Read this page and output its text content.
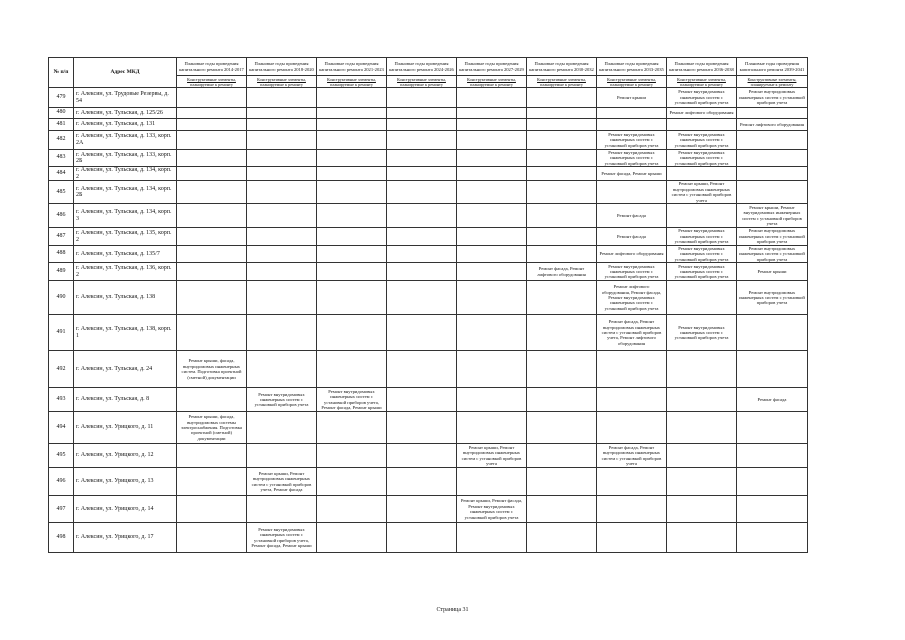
№ п/п	Адрес МКД	Плановые годы проведения капитального ремонта 2014-2017	Плановые годы проведения капитального ремонта 2018-2020	Плановые годы проведения капитального ремонта 2021-2023	Плановые годы проведения капитального ремонта 2024-2026	Плановые годы проведения капитального ремонта 2027-2029	Плановые годы проведения капитального ремонта 2030-2032	Плановые годы проведения капитального ремонта 2033-2035	Плановые годы проведения капитального ремонта 2036-2038	Плановые годы проведения капитального ремонта 2039-2041
		Конструктивные элементы, планируемые к ремонту	Конструктивные элементы, планируемые к ремонту	Конструктивные элементы, планируемые к ремонту	Конструктивные элементы, планируемые к ремонту	Конструктивные элементы, планируемые к ремонту	Конструктивные элементы, планируемые к ремонту	Конструктивные элементы, планируемые к ремонту	Конструктивные элементы, планируемые к ремонту	Конструктивные элементы, планируемые к ремонту
479	г. Алексин, ул. Трудовые Резервы, д. 54							Ремонт крыши	Ремонт внутридомовых инженерных систем с установкой приборов учета	Ремонт внутридомовых инженерных систем с установкой приборов учета
480	г. Алексин, ул. Тульская, д. 125/26								Ремонт лифтового оборудования	
481	г. Алексин, ул. Тульская, д. 131									Ремонт лифтового оборудования
482	г. Алексин, ул. Тульская, д. 133, корп. 2А							Ремонт внутридомовых инженерных систем с установкой приборов учета	Ремонт внутридомовых инженерных систем с установкой приборов учета	
483	г. Алексин, ул. Тульская, д. 133, корп. 2Б							Ремонт внутридомовых инженерных систем с установкой приборов учета	Ремонт внутридомовых инженерных систем с установкой приборов учета	
484	г. Алексин, ул. Тульская, д. 134, корп. 2							Ремонт фасада, Ремонт крыши		
485	г. Алексин, ул. Тульская, д. 134, корп. 2Б								Ремонт крыши, Ремонт внутридомовых инженерных систем с установкой приборов учета	
486	г. Алексин, ул. Тульская, д. 134, корп. 3							Ремонт фасада		Ремонт крыши, Ремонт внутридомовых инженерных систем с установкой приборов учета
487	г. Алексин, ул. Тульская, д. 135, корп. 2							Ремонт фасада	Ремонт внутридомовых инженерных систем с установкой приборов учета	Ремонт внутридомовых инженерных систем с установкой приборов учета
488	г. Алексин, ул. Тульская, д. 135/7							Ремонт лифтового оборудования	Ремонт внутридомовых инженерных систем с установкой приборов учета	Ремонт внутридомовых инженерных систем с установкой приборов учета
489	г. Алексин, ул. Тульская, д. 136, корп. 2						Ремонт фасада, Ремонт лифтового оборудования	Ремонт внутридомовых инженерных систем с установкой приборов учета	Ремонт внутридомовых инженерных систем с установкой приборов учета	Ремонт крыши
490	г. Алексин, ул. Тульская, д. 138							Ремонт лифтового оборудования, Ремонт фасада, Ремонт внутридомовых инженерных систем с установкой приборов учета		Ремонт внутридомовых инженерных систем с установкой приборов учета
491	г. Алексин, ул. Тульская, д. 138, корп. 1							Ремонт фасада, Ремонт внутридомовых инженерных систем с установкой приборов учета, Ремонт лифтового оборудования	Ремонт внутридомовых инженерных систем с установкой приборов учета	
492	г. Алексин, ул. Тульская, д. 24	Ремонт крыши, фасада, внутридомовых инженерных систем. Подготовка проектной (сметной) документации								
493	г. Алексин, ул. Тульская, д. 8		Ремонт внутридомовых инженерных систем с установкой приборов учета	Ремонт внутридомовых инженерных систем с установкой приборов учета, Ремонт фасада, Ремонт крыши						Ремонт фасада
494	г. Алексин, ул. Урицкого, д. 11	Ремонт крыши, фасада, внутридомовых системы электроснабжения. Подготовка проектной (сметной) документации								
495	г. Алексин, ул. Урицкого, д. 12					Ремонт крыши, Ремонт внутридомовых инженерных систем с установкой приборов учета		Ремонт фасада, Ремонт внутридомовых инженерных систем с установкой приборов учета		
496	г. Алексин, ул. Урицкого, д. 13		Ремонт крыши, Ремонт внутридомовых инженерных систем с установкой приборов учета, Ремонт фасада							
497	г. Алексин, ул. Урицкого, д. 14					Ремонт крыши, Ремонт фасада, Ремонт внутридомовых инженерных систем с установкой приборов учета				
498	г. Алексин, ул. Урицкого, д. 17		Ремонт внутридомовых инженерных систем с установкой приборов учета, Ремонт фасада, Ремонт крыши							
Страница 31
